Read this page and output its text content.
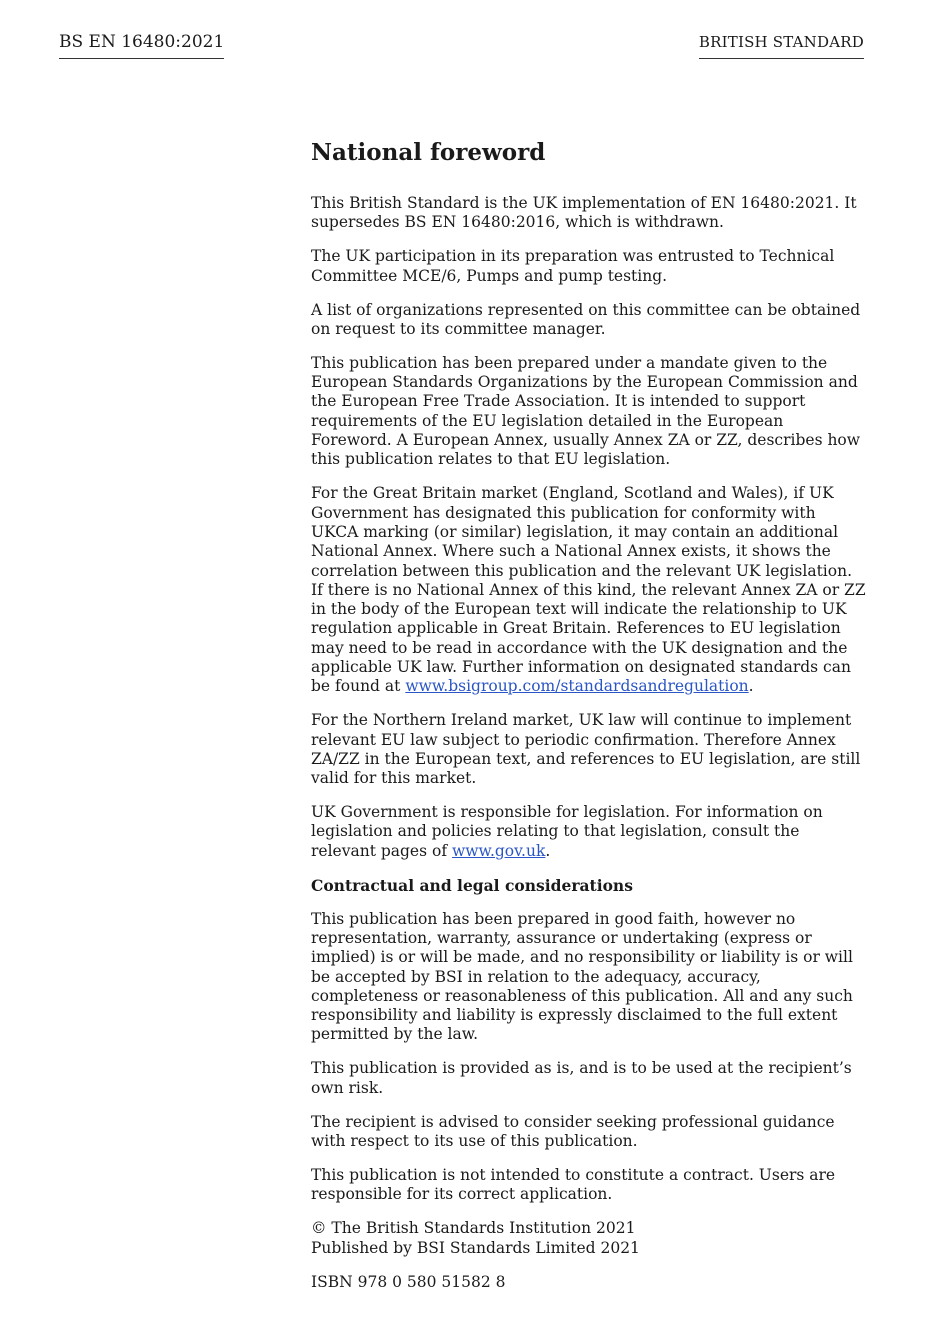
BS EN 16480:2021	BRITISH STANDARD
National foreword

This British Standard is the UK implementation of EN 16480:2021. It supersedes BS EN 16480:2016, which is withdrawn.

The UK participation in its preparation was entrusted to Technical Committee MCE/6, Pumps and pump testing.

A list of organizations represented on this committee can be obtained on request to its committee manager.

This publication has been prepared under a mandate given to the European Standards Organizations by the European Commission and the European Free Trade Association. It is intended to support requirements of the EU legislation detailed in the European Foreword. A European Annex, usually Annex ZA or ZZ, describes how this publication relates to that EU legislation.

For the Great Britain market (England, Scotland and Wales), if UK Government has designated this publication for conformity with UKCA marking (or similar) legislation, it may contain an additional National Annex. Where such a National Annex exists, it shows the correlation between this publication and the relevant UK legislation. If there is no National Annex of this kind, the relevant Annex ZA or ZZ in the body of the European text will indicate the relationship to UK regulation applicable in Great Britain. References to EU legislation may need to be read in accordance with the UK designation and the applicable UK law. Further information on designated standards can be found at www.bsigroup.com/standardsandregulation.

For the Northern Ireland market, UK law will continue to implement relevant EU law subject to periodic confirmation. Therefore Annex ZA/ZZ in the European text, and references to EU legislation, are still valid for this market.

UK Government is responsible for legislation. For information on legislation and policies relating to that legislation, consult the relevant pages of www.gov.uk.

Contractual and legal considerations

This publication has been prepared in good faith, however no representation, warranty, assurance or undertaking (express or implied) is or will be made, and no responsibility or liability is or will be accepted by BSI in relation to the adequacy, accuracy, completeness or reasonableness of this publication. All and any such responsibility and liability is expressly disclaimed to the full extent permitted by the law.

This publication is provided as is, and is to be used at the recipient’s own risk.

The recipient is advised to consider seeking professional guidance with respect to its use of this publication.

This publication is not intended to constitute a contract. Users are responsible for its correct application.

© The British Standards Institution 2021
Published by BSI Standards Limited 2021

ISBN 978 0 580 51582 8
